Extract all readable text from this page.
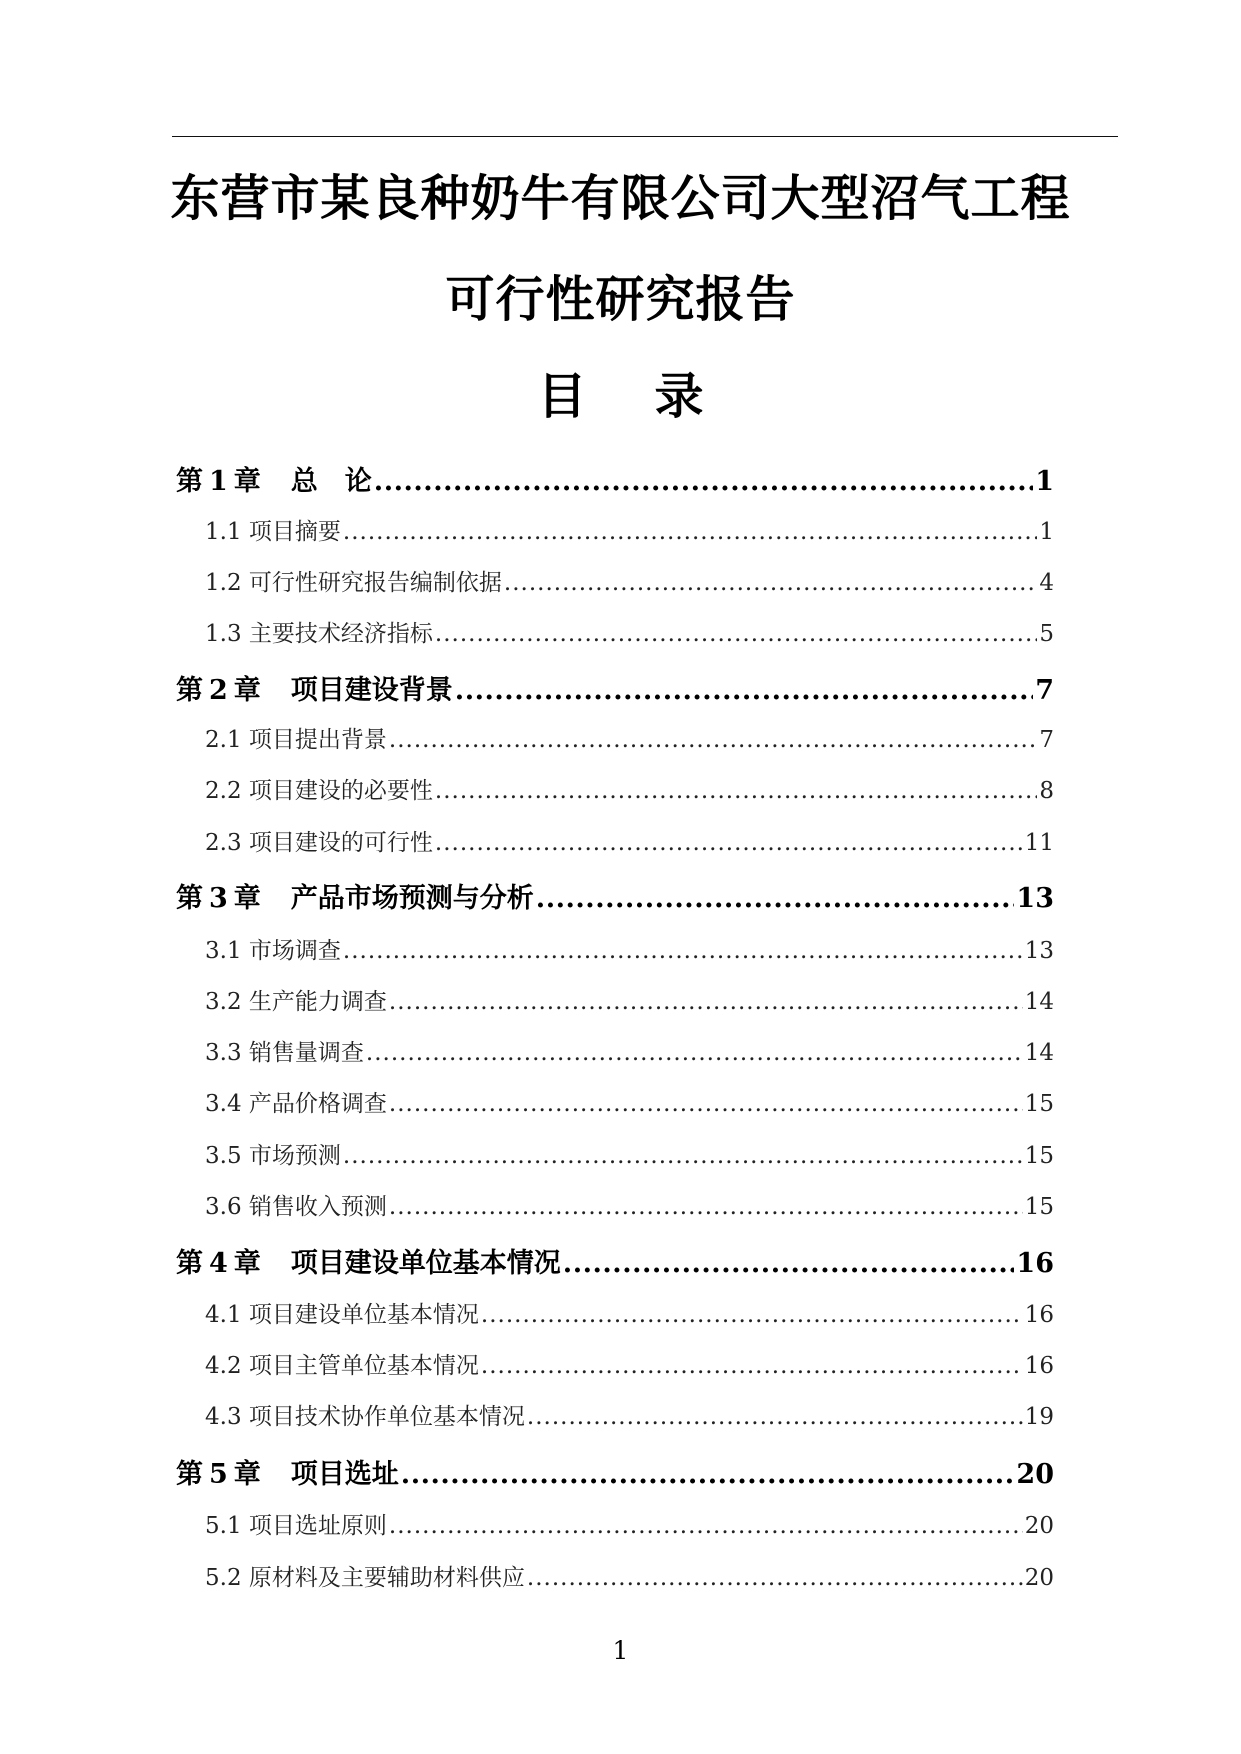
东营市某良种奶牛有限公司大型沼气工程
可行性研究报告
目 录
第 1 章 总　论 .....	1
1.1 项目摘要 .....	1
1.2 可行性研究报告编制依据 .....	4
1.3 主要技术经济指标 .....	5
第 2 章 项目建设背景 .....	7
2.1 项目提出背景 .....	7
2.2 项目建设的必要性 .....	8
2.3 项目建设的可行性 .....	11
第 3 章 产品市场预测与分析 .....	13
3.1 市场调查 .....	13
3.2 生产能力调查 .....	14
3.3 销售量调查 .....	14
3.4 产品价格调查 .....	15
3.5 市场预测 .....	15
3.6 销售收入预测 .....	15
第 4 章 项目建设单位基本情况 .....	16
4.1 项目建设单位基本情况 .....	16
4.2 项目主管单位基本情况 .....	16
4.3 项目技术协作单位基本情况 .....	19
第 5 章 项目选址 .....	20
5.1 项目选址原则 .....	20
5.2 原材料及主要辅助材料供应 .....	20
1
